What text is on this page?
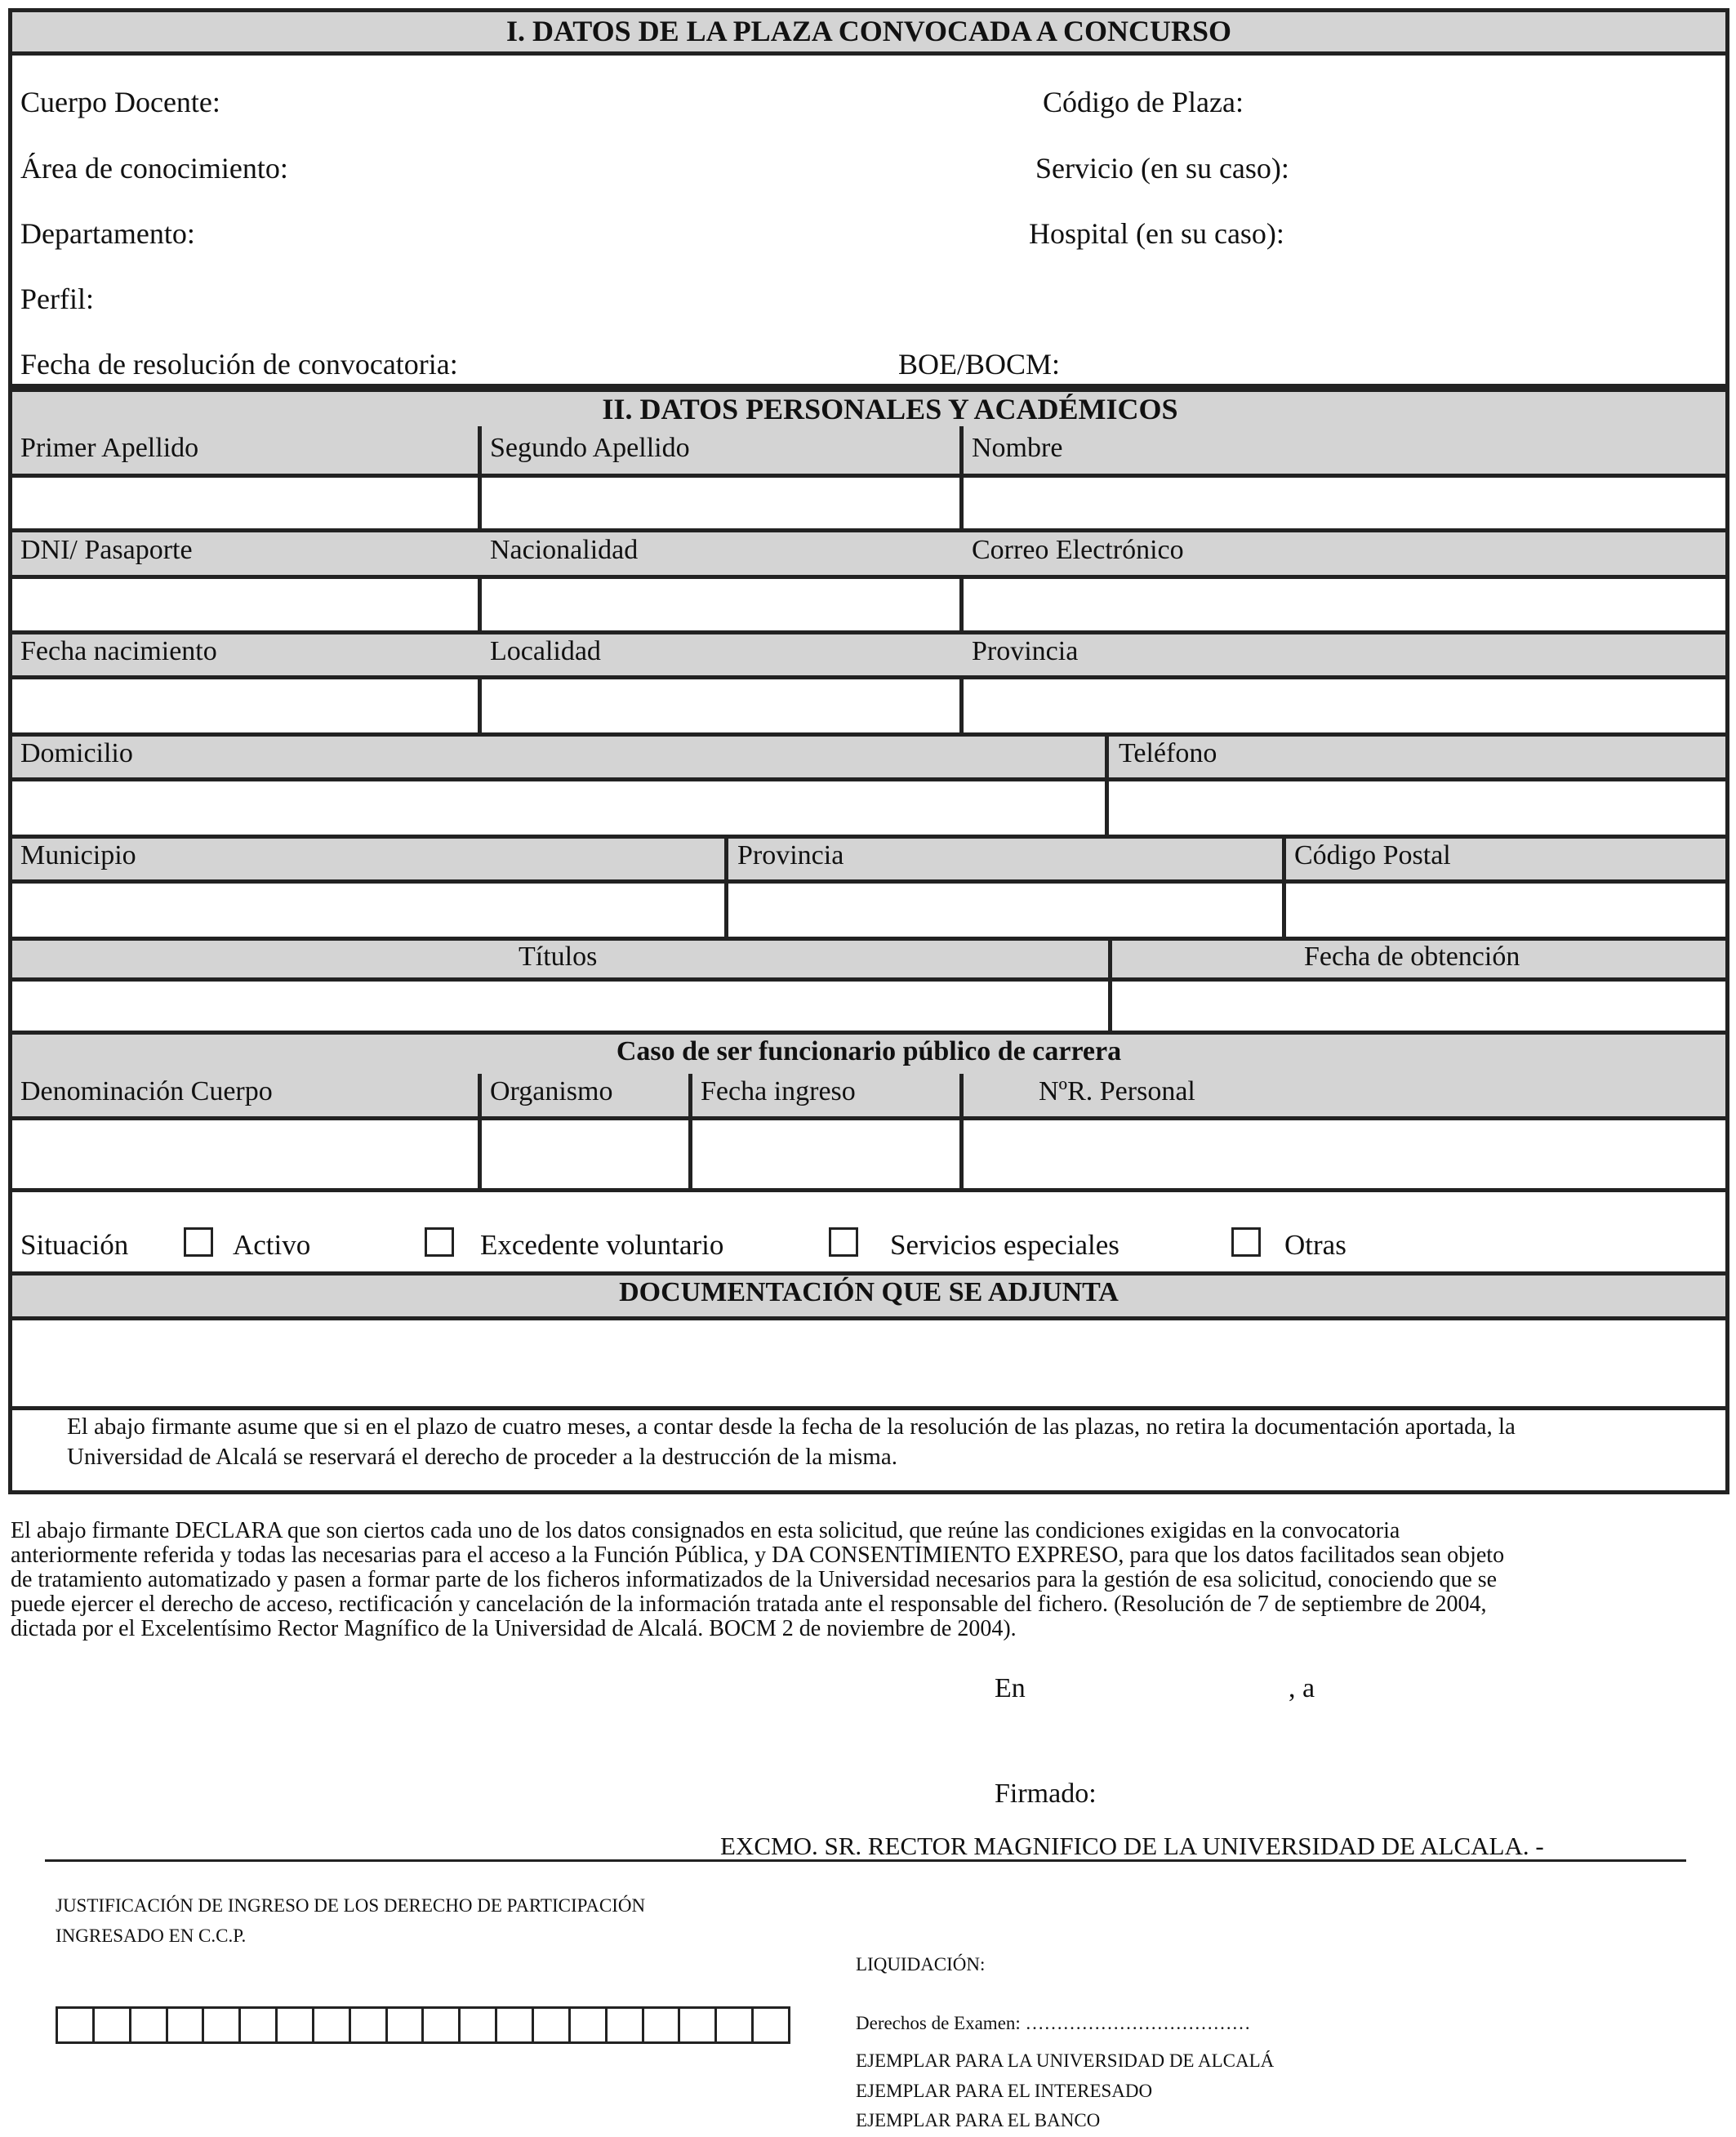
I. DATOS DE LA PLAZA CONVOCADA A CONCURSO
Cuerpo Docente:	Código de Plaza:
Área de conocimiento:	Servicio (en su caso):
Departamento:	Hospital (en su caso):
Perfil:
Fecha de resolución de convocatoria:	BOE/BOCM:
II. DATOS PERSONALES Y ACADÉMICOS
Primer Apellido	Segundo Apellido	Nombre
DNI/ Pasaporte	Nacionalidad	Correo Electrónico
Fecha nacimiento	Localidad	Provincia
Domicilio	Teléfono
Municipio	Provincia	Código Postal
Títulos	Fecha de obtención
Caso de ser funcionario público de carrera
Denominación Cuerpo	Organismo	Fecha ingreso	NºR. Personal
Situación	Activo	Excedente voluntario	Servicios especiales	Otras
DOCUMENTACIÓN QUE SE ADJUNTA
El abajo firmante asume que si en el plazo de cuatro meses, a contar desde la fecha de la resolución de las plazas, no retira la documentación aportada, la
Universidad de Alcalá se reservará el derecho de proceder a la destrucción de la misma.

El abajo firmante DECLARA que son ciertos cada uno de los datos consignados en esta solicitud, que reúne las condiciones exigidas en la convocatoria

anteriormente referida y todas las necesarias para el acceso a la Función Pública, y DA CONSENTIMIENTO EXPRESO, para que los datos facilitados sean objeto

de tratamiento automatizado y pasen a formar parte de los ficheros informatizados de la Universidad necesarios para la gestión de esa solicitud, conociendo que se

puede ejercer el derecho de acceso, rectificación y cancelación de la información tratada ante el responsable del fichero. (Resolución de 7 de septiembre de 2004,

dictada por el Excelentísimo Rector Magnífico de la Universidad de Alcalá. BOCM 2 de noviembre de 2004).

En	, a
Firmado:
EXCMO. SR. RECTOR MAGNIFICO DE LA UNIVERSIDAD DE ALCALA. -
JUSTIFICACIÓN DE INGRESO DE LOS DERECHO DE PARTICIPACIÓN
INGRESADO EN C.C.P.
LIQUIDACIÓN:
Derechos de Examen: ………………………………
EJEMPLAR PARA LA UNIVERSIDAD DE ALCALÁ
EJEMPLAR PARA EL INTERESADO
EJEMPLAR PARA EL BANCO
